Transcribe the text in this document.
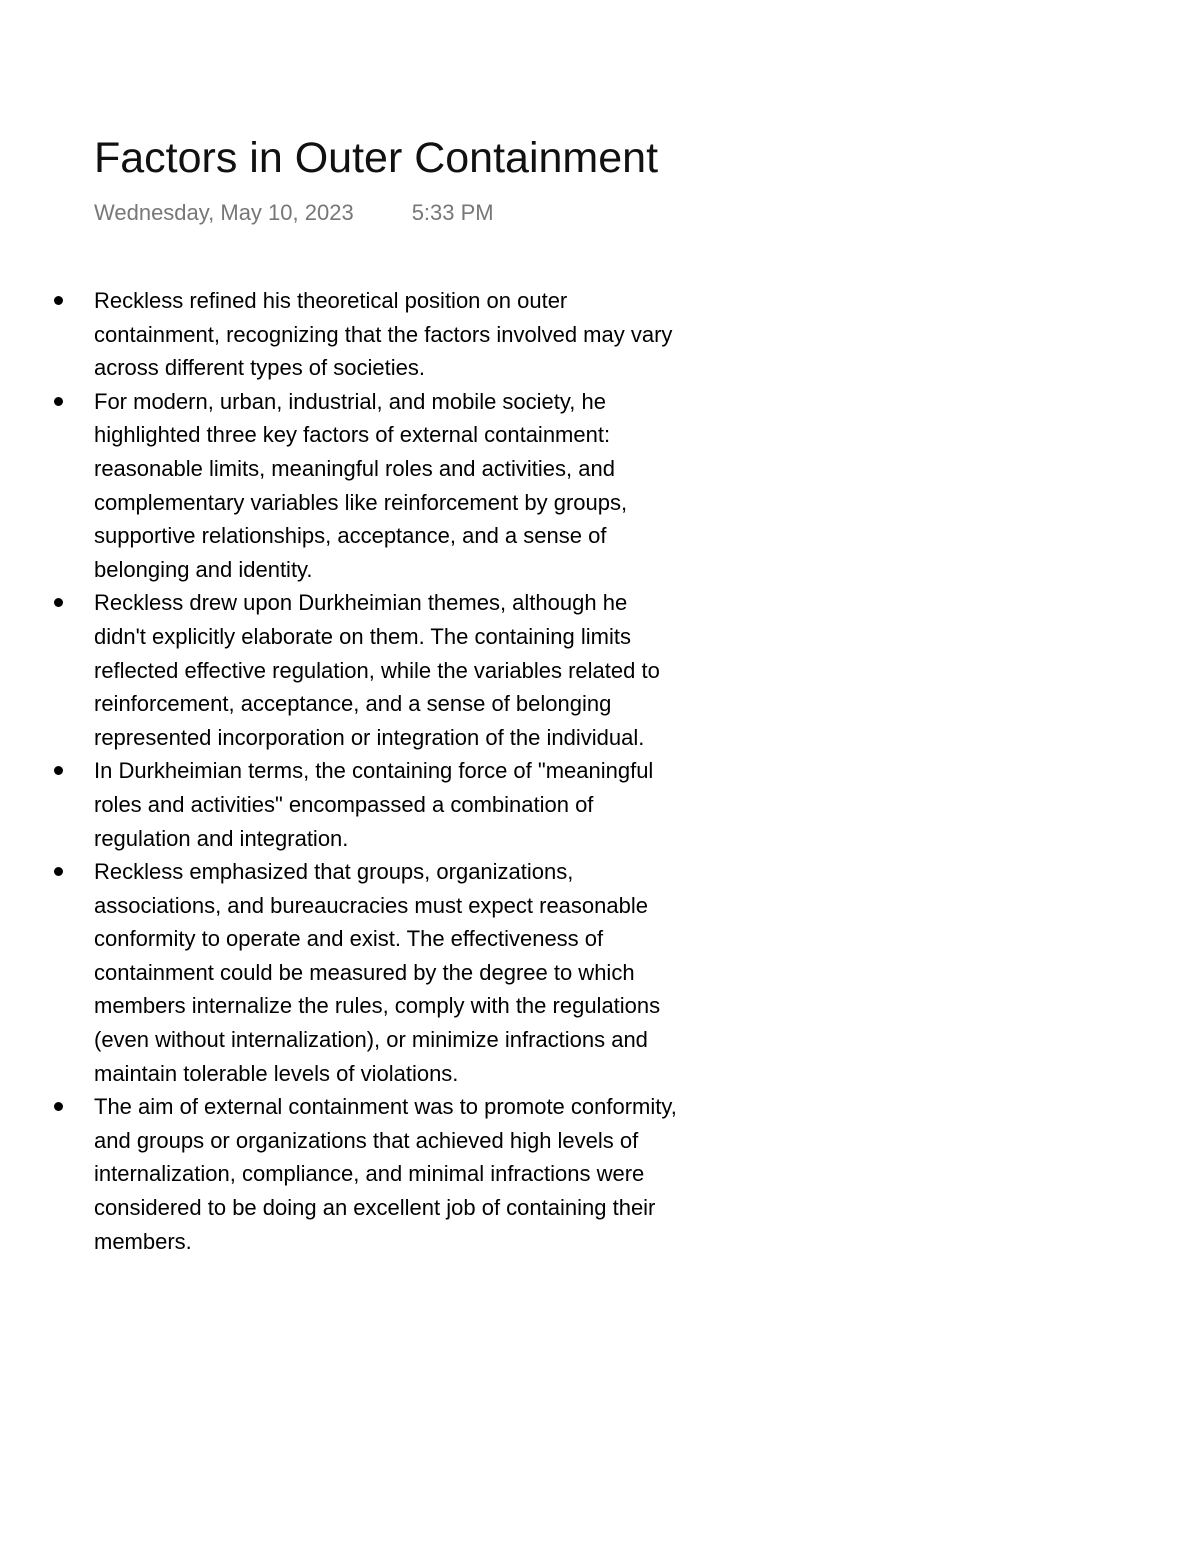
Factors in Outer Containment
Wednesday, May 10, 2023	5:33 PM
Reckless refined his theoretical position on outer containment, recognizing that the factors involved may vary across different types of societies.
For modern, urban, industrial, and mobile society, he highlighted three key factors of external containment: reasonable limits, meaningful roles and activities, and complementary variables like reinforcement by groups, supportive relationships, acceptance, and a sense of belonging and identity.
Reckless drew upon Durkheimian themes, although he didn't explicitly elaborate on them. The containing limits reflected effective regulation, while the variables related to reinforcement, acceptance, and a sense of belonging represented incorporation or integration of the individual.
In Durkheimian terms, the containing force of "meaningful roles and activities" encompassed a combination of regulation and integration.
Reckless emphasized that groups, organizations, associations, and bureaucracies must expect reasonable conformity to operate and exist. The effectiveness of containment could be measured by the degree to which members internalize the rules, comply with the regulations (even without internalization), or minimize infractions and maintain tolerable levels of violations.
The aim of external containment was to promote conformity, and groups or organizations that achieved high levels of internalization, compliance, and minimal infractions were considered to be doing an excellent job of containing their members.
